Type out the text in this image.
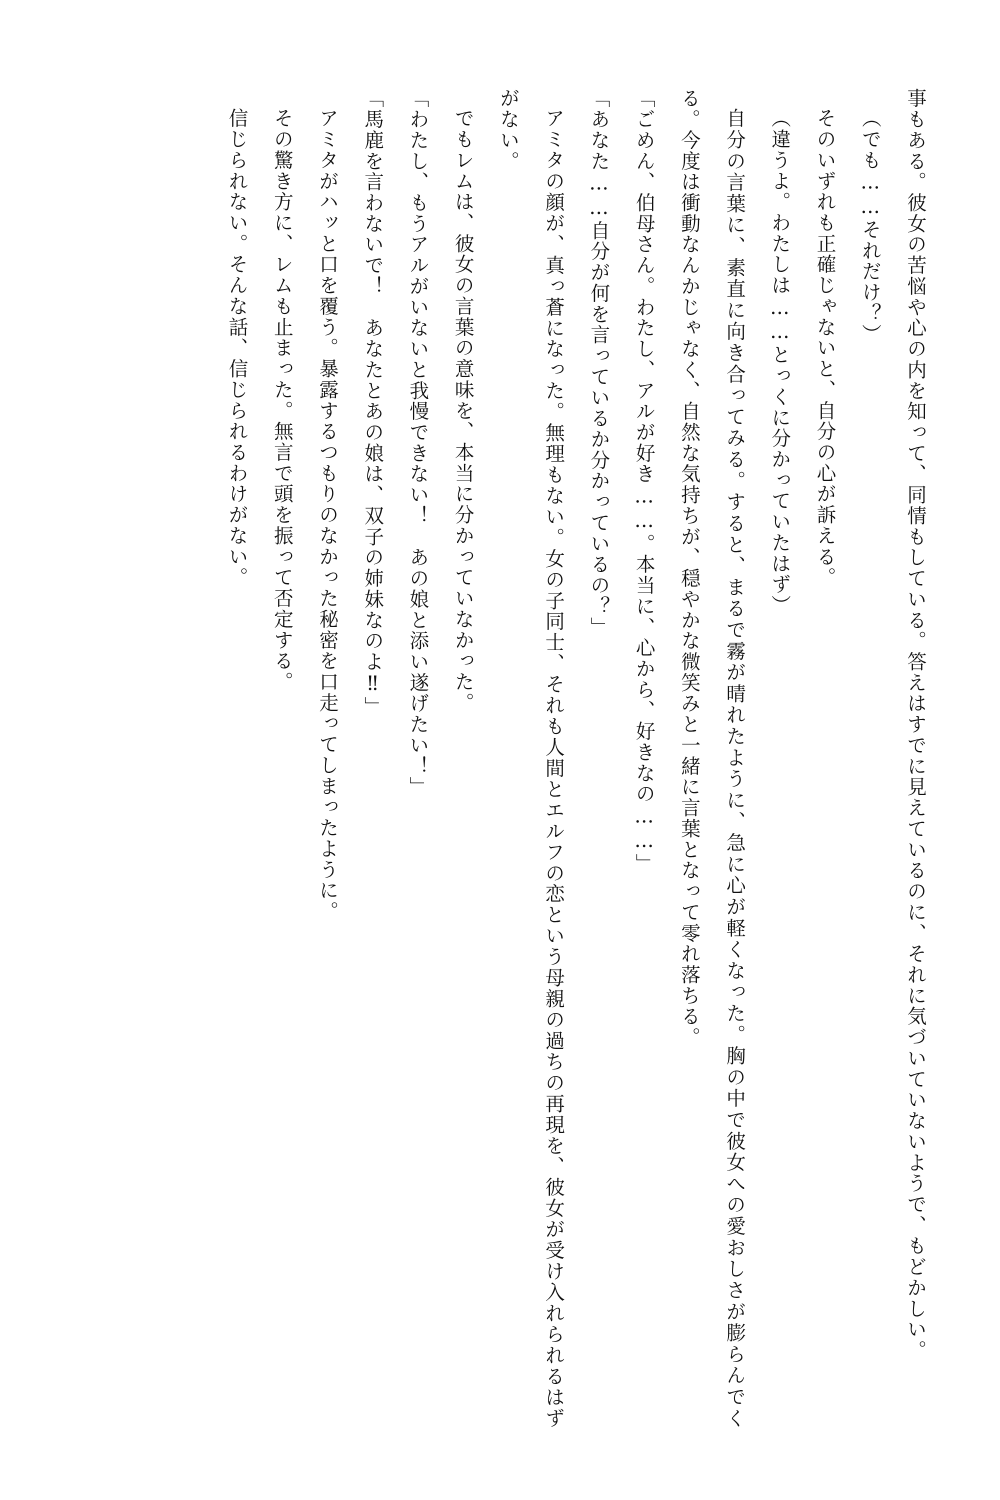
事もある。彼女の苦悩や心の内を知って、同情もしている。答えはすでに見えているのに、それに気づいていないようで、もどかしい。

（でも……それだけ？）

そのいずれも正確じゃないと、自分の心が訴える。

（違うよ。わたしは……とっくに分かっていたはず）

自分の言葉に、素直に向き合ってみる。すると、まるで霧が晴れたように、急に心が軽くなった。胸の中で彼女への愛おしさが膨らんでくる。今度は衝動なんかじゃなく、自然な気持ちが、穏やかな微笑みと一緒に言葉となって零れ落ちる。

「ごめん、伯母さん。わたし、アルが好き……。本当に、心から、好きなの……」

「あなた……自分が何を言っているか分かっているの？」

アミタの顔が、真っ蒼になった。無理もない。女の子同士、それも人間とエルフの恋という母親の過ちの再現を、彼女が受け入れられるはずがない。

でもレムは、彼女の言葉の意味を、本当に分かっていなかった。

「わたし、もうアルがいないと我慢できない！　あの娘と添い遂げたい！」

「馬鹿を言わないで！　あなたとあの娘は、双子の姉妹なのよ‼」

アミタがハッと口を覆う。暴露するつもりのなかった秘密を口走ってしまったように。

その驚き方に、レムも止まった。無言で頭を振って否定する。

信じられない。そんな話、信じられるわけがない。
